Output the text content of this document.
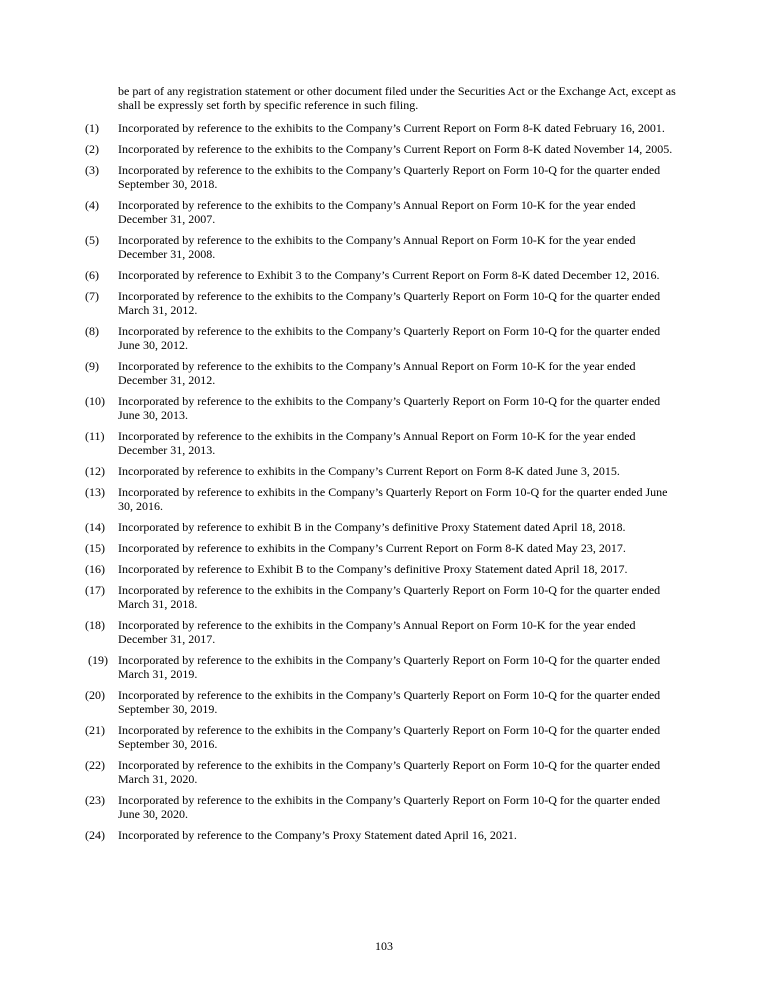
be part of any registration statement or other document filed under the Securities Act or the Exchange Act, except as shall be expressly set forth by specific reference in such filing.

(1)	Incorporated by reference to the exhibits to the Company’s Current Report on Form 8-K dated February 16, 2001.
(2)	Incorporated by reference to the exhibits to the Company’s Current Report on Form 8-K dated November 14, 2005.
(3)	Incorporated by reference to the exhibits to the Company’s Quarterly Report on Form 10-Q for the quarter ended September 30, 2018.
(4)	Incorporated by reference to the exhibits to the Company’s Annual Report on Form 10-K for the year ended December 31, 2007.
(5)	Incorporated by reference to the exhibits to the Company’s Annual Report on Form 10-K for the year ended December 31, 2008.
(6)	Incorporated by reference to Exhibit 3 to the Company’s Current Report on Form 8-K dated December 12, 2016.
(7)	Incorporated by reference to the exhibits to the Company’s Quarterly Report on Form 10-Q for the quarter ended March 31, 2012.
(8)	Incorporated by reference to the exhibits to the Company’s Quarterly Report on Form 10-Q for the quarter ended June 30, 2012.
(9)	Incorporated by reference to the exhibits to the Company’s Annual Report on Form 10-K for the year ended December 31, 2012.
(10)	Incorporated by reference to the exhibits to the Company’s Quarterly Report on Form 10-Q for the quarter ended June 30, 2013.
(11)	Incorporated by reference to the exhibits in the Company’s Annual Report on Form 10-K for the year ended December 31, 2013.
(12)	Incorporated by reference to exhibits in the Company’s Current Report on Form 8-K dated June 3, 2015.
(13)	Incorporated by reference to exhibits in the Company’s Quarterly Report on Form 10-Q for the quarter ended June 30, 2016.
(14)	Incorporated by reference to exhibit B in the Company’s definitive Proxy Statement dated April 18, 2018.
(15)	Incorporated by reference to exhibits in the Company’s Current Report on Form 8-K dated May 23, 2017.
(16)	Incorporated by reference to Exhibit B to the Company’s definitive Proxy Statement dated April 18, 2017.
(17)	Incorporated by reference to the exhibits in the Company’s Quarterly Report on Form 10-Q for the quarter ended March 31, 2018.
(18)	Incorporated by reference to the exhibits in the Company’s Annual Report on Form 10-K for the year ended December 31, 2017.
(19) Incorporated by reference to the exhibits in the Company’s Quarterly Report on Form 10-Q for the quarter ended March 31, 2019.
(20)	Incorporated by reference to the exhibits in the Company’s Quarterly Report on Form 10-Q for the quarter ended September 30, 2019.
(21)	Incorporated by reference to the exhibits in the Company’s Quarterly Report on Form 10-Q for the quarter ended September 30, 2016.
(22)	Incorporated by reference to the exhibits in the Company’s Quarterly Report on Form 10-Q for the quarter ended March 31, 2020.
(23)	Incorporated by reference to the exhibits in the Company’s Quarterly Report on Form 10-Q for the quarter ended June 30, 2020.
(24)	Incorporated by reference to the Company’s Proxy Statement dated April 16, 2021.
103
